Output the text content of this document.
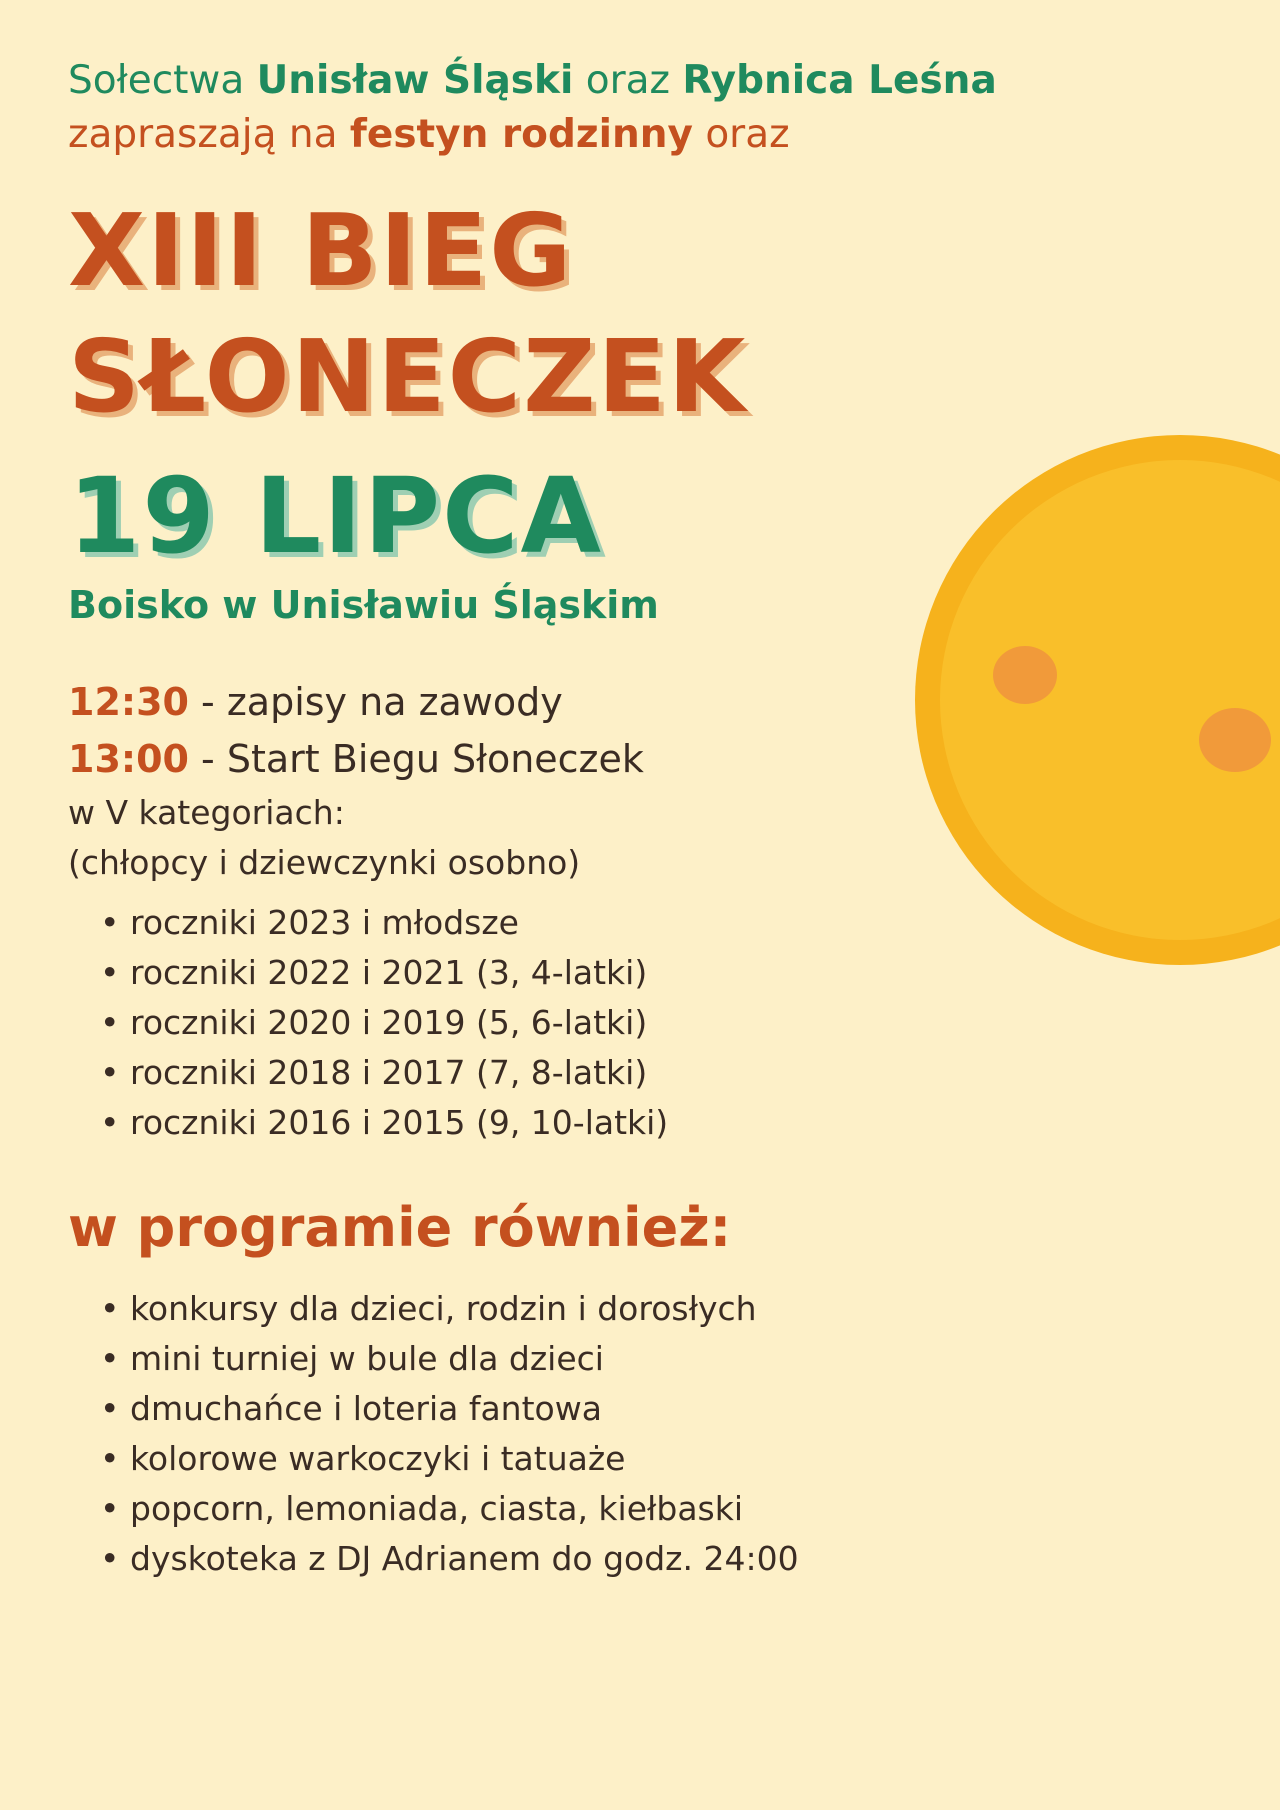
Sołectwa Unisław Śląski oraz Rybnica Leśna
zapraszają na festyn rodzinny oraz
XIII BIEG
SŁONECZEK
19 LIPCA
Boisko w Unisławiu Śląskim
12:30 - zapisy na zawody
13:00 - Start Biegu Słoneczek
w V kategoriach:
(chłopcy i dziewczynki osobno)
• roczniki 2023 i młodsze
• roczniki 2022 i 2021 (3, 4-latki)
• roczniki 2020 i 2019 (5, 6-latki)
• roczniki 2018 i 2017 (7, 8-latki)
• roczniki 2016 i 2015 (9, 10-latki)
w programie również:
• konkursy dla dzieci, rodzin i dorosłych
• mini turniej w bule dla dzieci
• dmuchańce i loteria fantowa
• kolorowe warkoczyki i tatuaże
• popcorn, lemoniada, ciasta, kiełbaski
• dyskoteka z DJ Adrianem do godz. 24:00
